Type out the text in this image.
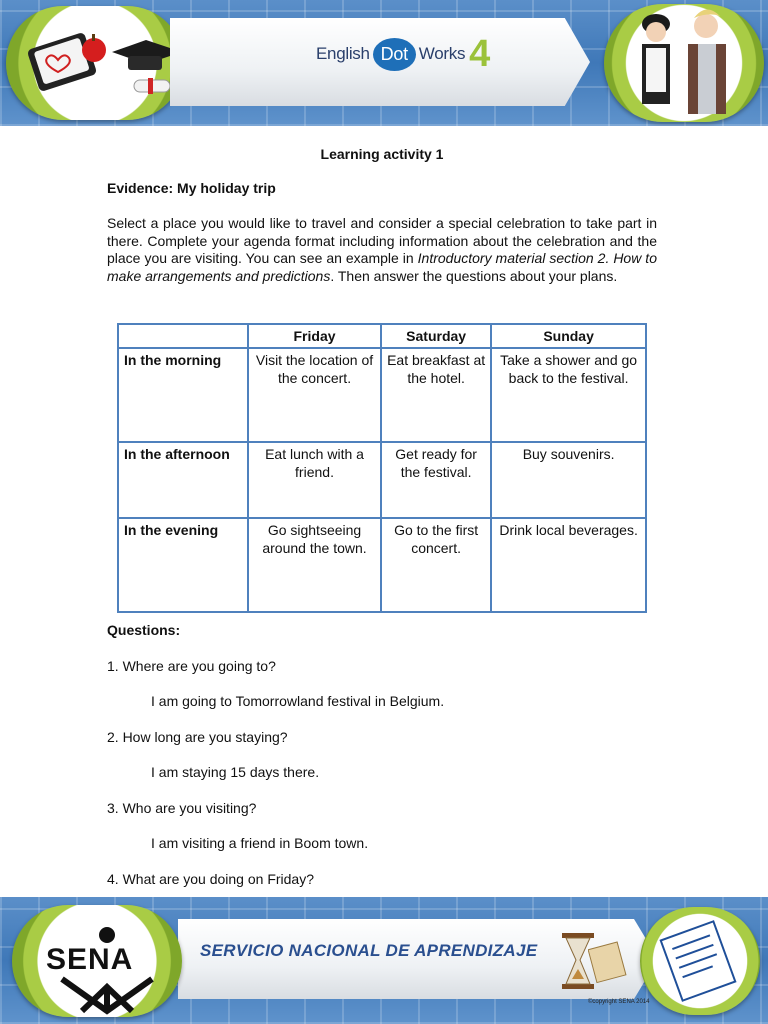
English Dot Works 4

Learning activity 1

Evidence: My holiday trip

Select a place you would like to travel and consider a special celebration to take part in there. Complete your agenda format including information about the celebration and the place you are visiting. You can see an example in Introductory material section 2. How to make arrangements and predictions. Then answer the questions about your plans.

	Friday	Saturday	Sunday
In the morning	Visit the location of the concert.	Eat breakfast at the hotel.	Take a shower and go back to the festival.
In the afternoon	Eat lunch with a friend.	Get ready for the festival.	Buy souvenirs.
In the evening	Go sightseeing around the town.	Go to the first concert.	Drink local beverages.

Questions:

1. Where are you going to?

I am going to Tomorrowland festival in Belgium.

2. How long are you staying?

I am staying 15 days there.

3. Who are you visiting?

I am visiting a friend in Boom town.

4. What are you doing on Friday?

SENA	SERVICIO NACIONAL DE APRENDIZAJE
©copyright SENA 2014
